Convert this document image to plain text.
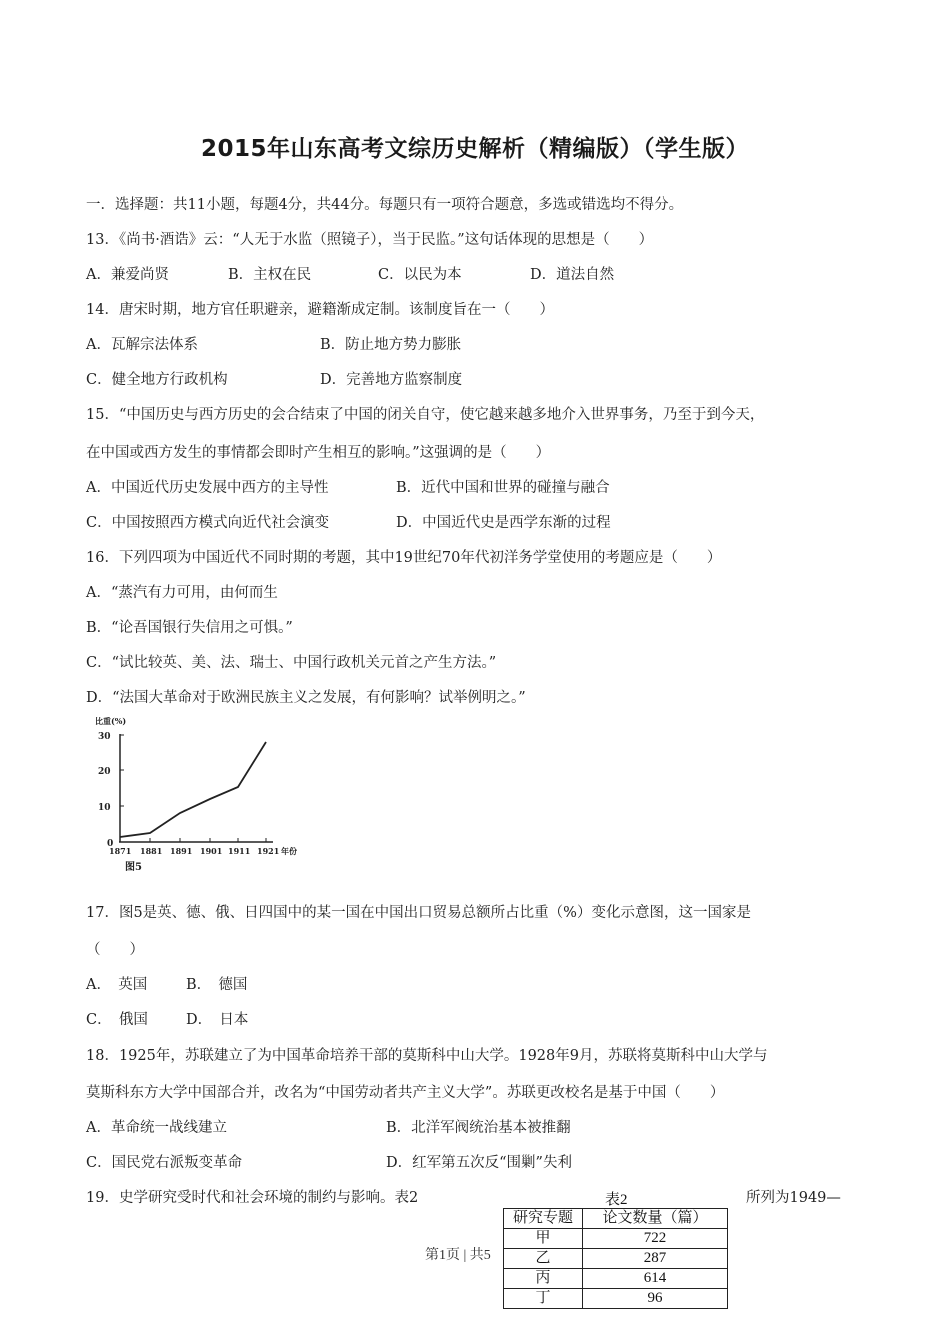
2015年山东高考文综历史解析（精编版）（学生版）
一．选择题：共11小题，每题4分，共44分。每题只有一项符合题意，多选或错选均不得分。
13．《尚书·酒诰》云：“人无于水监（照镜子），当于民监。”这句话体现的思想是（　　）
A．兼爱尚贤	B．主权在民	C．以民为本	D．道法自然
14．唐宋时期，地方官任职避亲，避籍渐成定制。该制度旨在一（　　）
A．瓦解宗法体系	B．防止地方势力膨胀
C．健全地方行政机构	D．完善地方监察制度
15．“中国历史与西方历史的会合结束了中国的闭关自守，使它越来越多地介入世界事务，乃至于到今天，
在中国或西方发生的事情都会即时产生相互的影响。”这强调的是（　　）
A．中国近代历史发展中西方的主导性	B．近代中国和世界的碰撞与融合
C．中国按照西方模式向近代社会演变	D．中国近代史是西学东渐的过程
16．下列四项为中国近代不同时期的考题，其中19世纪70年代初洋务学堂使用的考题应是（　　）
A．“蒸汽有力可用，由何而生
B．“论吾国银行失信用之可惧。”
C．“试比较英、美、法、瑞士、中国行政机关元首之产生方法。”
D．“法国大革命对于欧洲民族主义之发展，有何影响？试举例明之。”
比重(%)
30
20
10
0
1871 1881 1891 1901 1911 1921 年份
图5
17．图5是英、德、俄、日四国中的某一国在中国出口贸易总额所占比重（%）变化示意图，这一国家是
（　　）
A．　英国	B．　德国
C．　俄国	D．　日本
18．1925年，苏联建立了为中国革命培养干部的莫斯科中山大学。1928年9月，苏联将莫斯科中山大学与
莫斯科东方大学中国部合并，改名为“中国劳动者共产主义大学”。苏联更改校名是基于中国（　　）
A．革命统一战线建立	B．北洋军阀统治基本被推翻
C．国民党右派叛变革命	D．红军第五次反“围剿”失利
19．史学研究受时代和社会环境的制约与影响。表2	所列为1949—
表2
研究专题	论文数量（篇）
甲	722
乙	287
丙	614
丁	96
第1页 | 共5
